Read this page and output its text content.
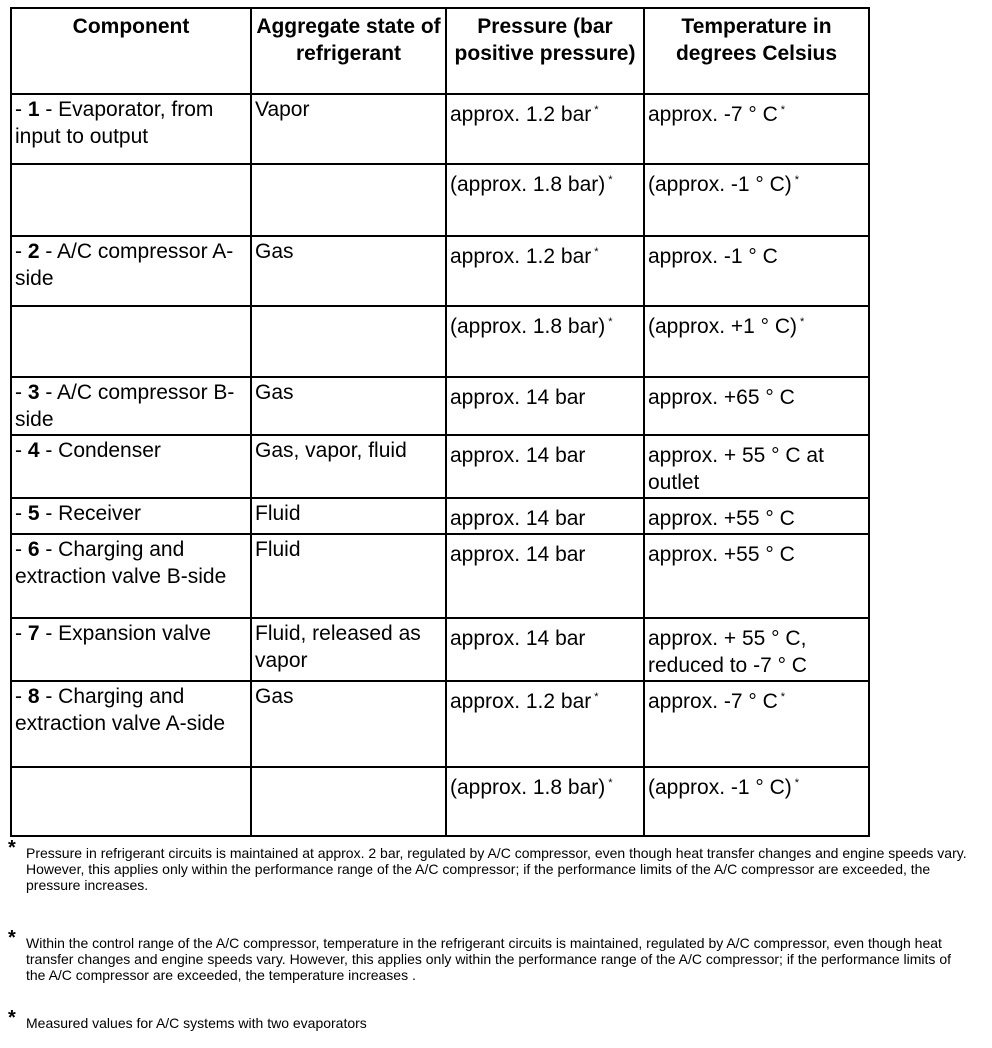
Component	Aggregate state of refrigerant	Pressure (bar positive pressure)	Temperature in degrees Celsius
- 1 - Evaporator, from input to output	Vapor	approx. 1.2 bar *	approx. -7 ° C *
		(approx. 1.8 bar) *	(approx. -1 ° C) *
- 2 - A/C compressor A-side	Gas	approx. 1.2 bar *	approx. -1 ° C
		(approx. 1.8 bar) *	(approx. +1 ° C) *
- 3 - A/C compressor B-side	Gas	approx. 14 bar	approx. +65 ° C
- 4 - Condenser	Gas, vapor, fluid	approx. 14 bar	approx. + 55 ° C at outlet
- 5 - Receiver	Fluid	approx. 14 bar	approx. +55 ° C
- 6 - Charging and extraction valve B-side	Fluid	approx. 14 bar	approx. +55 ° C
- 7 - Expansion valve	Fluid, released as vapor	approx. 14 bar	approx. + 55 ° C, reduced to -7 ° C
- 8 - Charging and extraction valve A-side	Gas	approx. 1.2 bar *	approx. -7 ° C *
		(approx. 1.8 bar) *	(approx. -1 ° C) *
* Pressure in refrigerant circuits is maintained at approx. 2 bar, regulated by A/C compressor, even though heat transfer changes and engine speeds vary. However, this applies only within the performance range of the A/C compressor; if the performance limits of the A/C compressor are exceeded, the pressure increases.
* Within the control range of the A/C compressor, temperature in the refrigerant circuits is maintained, regulated by A/C compressor, even though heat transfer changes and engine speeds vary. However, this applies only within the performance range of the A/C compressor; if the performance limits of the A/C compressor are exceeded, the temperature increases .
* Measured values for A/C systems with two evaporators
